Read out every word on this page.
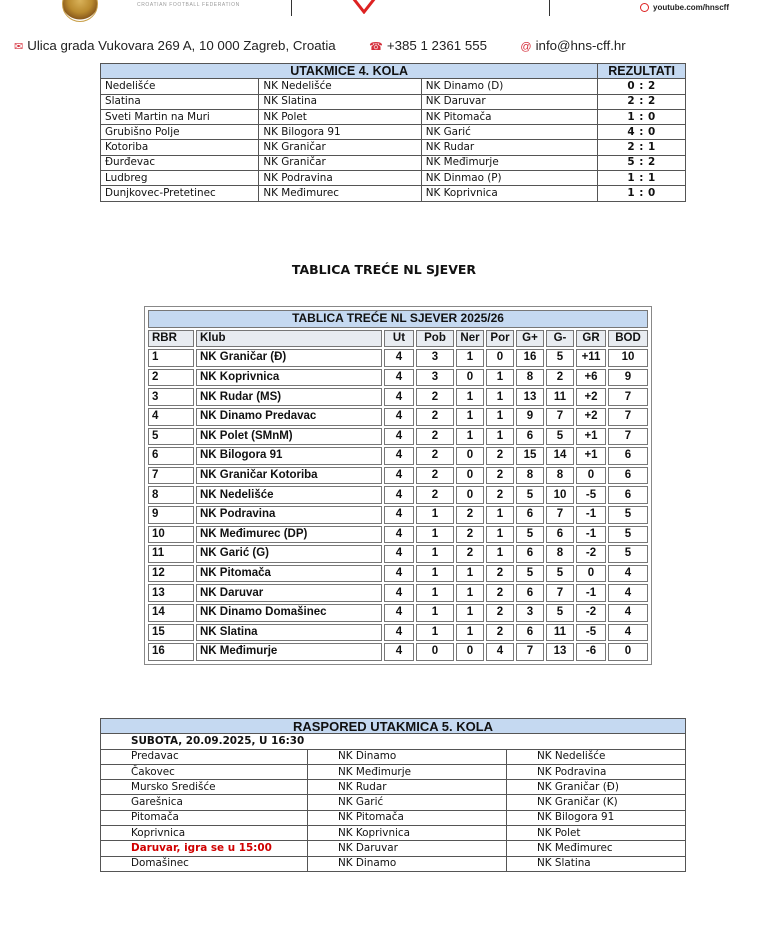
CROATIAN FOOTBALL FEDERATION	youtube.com/hnscff
✉ Ulica grada Vukovara 269 A, 10 000 Zagreb, Croatia	☎ +385 1 2361 555	@ info@hns-cff.hr
UTAKMICE 4. KOLA			REZULTATI
Nedelišće	NK Nedelišće	NK Dinamo (D)	0 : 2
Slatina	NK Slatina	NK Daruvar	2 : 2
Sveti Martin na Muri	NK Polet	NK Pitomača	1 : 0
Grubišno Polje	NK Bilogora 91	NK Garić	4 : 0
Kotoriba	NK Graničar	NK Rudar	2 : 1
Đurđevac	NK Graničar	NK Međimurje	5 : 2
Ludbreg	NK Podravina	NK Dinmao (P)	1 : 1
Dunjkovec-Pretetinec	NK Međimurec	NK Koprivnica	1 : 0
TABLICA TREĆE NL SJEVER
TABLICA TREĆE NL SJEVER 2025/26									
RBR	Klub	Ut	Pob	Ner	Por	G+	G-	GR	BOD
1	NK Graničar (Đ)	4	3	1	0	16	5	+11	10
2	NK Koprivnica	4	3	0	1	8	2	+6	9
3	NK Rudar (MS)	4	2	1	1	13	11	+2	7
4	NK Dinamo Predavac	4	2	1	1	9	7	+2	7
5	NK Polet (SMnM)	4	2	1	1	6	5	+1	7
6	NK Bilogora 91	4	2	0	2	15	14	+1	6
7	NK Graničar Kotoriba	4	2	0	2	8	8	0	6
8	NK Nedelišće	4	2	0	2	5	10	-5	6
9	NK Podravina	4	1	2	1	6	7	-1	5
10	NK Međimurec (DP)	4	1	2	1	5	6	-1	5
11	NK Garić (G)	4	1	2	1	6	8	-2	5
12	NK Pitomača	4	1	1	2	5	5	0	4
13	NK Daruvar	4	1	1	2	6	7	-1	4
14	NK Dinamo Domašinec	4	1	1	2	3	5	-2	4
15	NK Slatina	4	1	1	2	6	11	-5	4
16	NK Međimurje	4	0	0	4	7	13	-6	0
RASPORED UTAKMICA 5. KOLA		
SUBOTA, 20.09.2025, U 16:30		
Predavac	NK Dinamo	NK Nedelišće
Čakovec	NK Međimurje	NK Podravina
Mursko Središće	NK Rudar	NK Graničar (Đ)
Garešnica	NK Garić	NK Graničar (K)
Pitomača	NK Pitomača	NK Bilogora 91
Koprivnica	NK Koprivnica	NK Polet
Daruvar, igra se u 15:00	NK Daruvar	NK Međimurec
Domašinec	NK Dinamo	NK Slatina
